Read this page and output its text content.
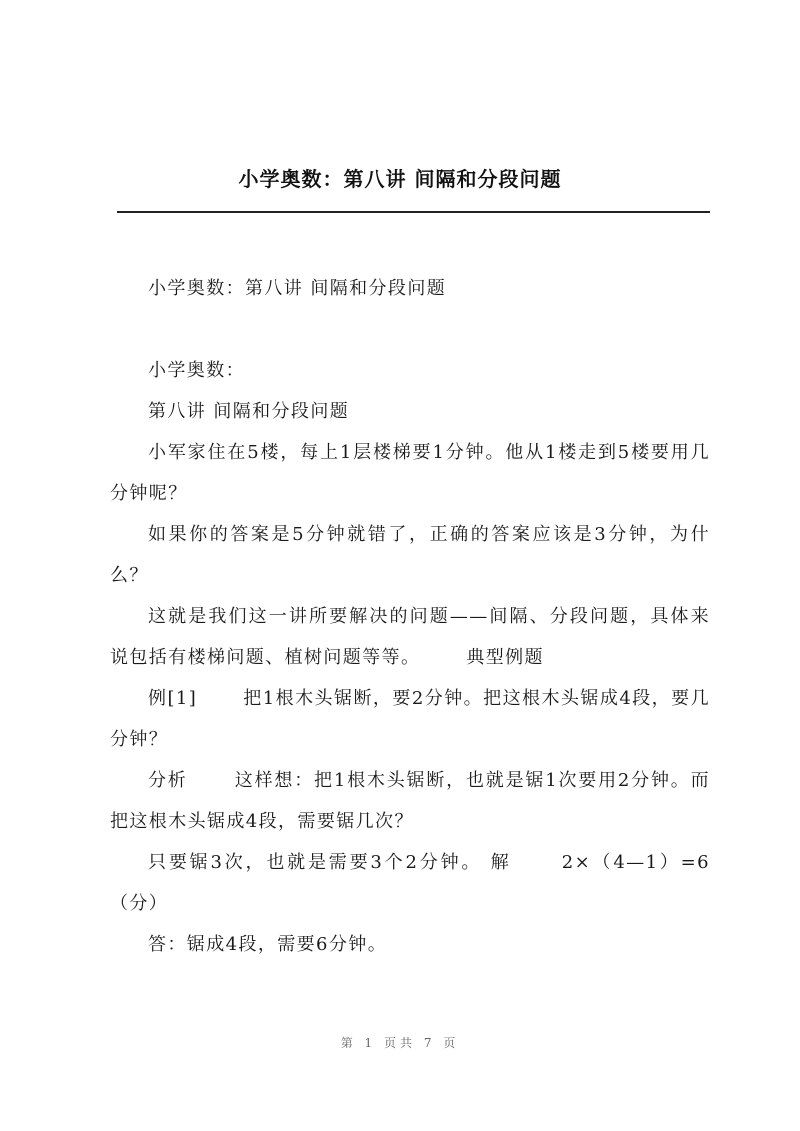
小学奥数：第八讲 间隔和分段问题

小学奥数：第八讲 间隔和分段问题

小学奥数：

第八讲 间隔和分段问题

小军家住在5楼，每上1层楼梯要1分钟。他从1楼走到5楼要用几分钟呢？

如果你的答案是5分钟就错了，正确的答案应该是3分钟，为什么？

这就是我们这一讲所要解决的问题——间隔、分段问题，具体来说包括有楼梯问题、植树问题等等。 　　典型例题

例[1] 　　把1根木头锯断，要2分钟。把这根木头锯成4段，要几分钟？

分析 　　这样想：把1根木头锯断，也就是锯1次要用2分钟。而把这根木头锯成4段，需要锯几次？

只要锯3次，也就是需要3个2分钟。 解 　　2×（4—1）=6（分）

答：锯成4段，需要6分钟。

第 1 页共 7 页
